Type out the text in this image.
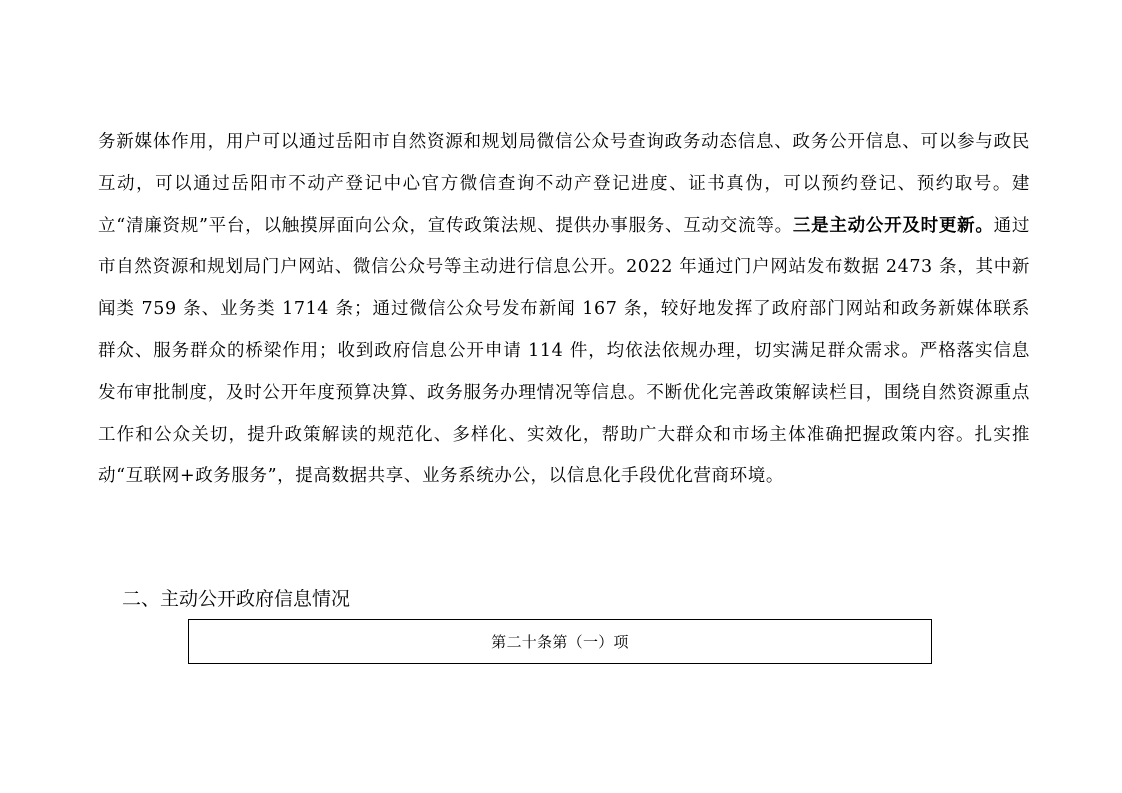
务新媒体作用，用户可以通过岳阳市自然资源和规划局微信公众号查询政务动态信息、政务公开信息、可以参与政民互动，可以通过岳阳市不动产登记中心官方微信查询不动产登记进度、证书真伪，可以预约登记、预约取号。建立“清廉资规”平台，以触摸屏面向公众，宣传政策法规、提供办事服务、互动交流等。三是主动公开及时更新。通过市自然资源和规划局门户网站、微信公众号等主动进行信息公开。2022 年通过门户网站发布数据 2473 条，其中新闻类 759 条、业务类 1714 条；通过微信公众号发布新闻 167 条，较好地发挥了政府部门网站和政务新媒体联系群众、服务群众的桥梁作用；收到政府信息公开申请 114 件，均依法依规办理，切实满足群众需求。严格落实信息发布审批制度，及时公开年度预算决算、政务服务办理情况等信息。不断优化完善政策解读栏目，围绕自然资源重点工作和公众关切，提升政策解读的规范化、多样化、实效化，帮助广大群众和市场主体准确把握政策内容。扎实推动“互联网+政务服务”，提高数据共享、业务系统办公，以信息化手段优化营商环境。

二、主动公开政府信息情况
第二十条第（一）项
